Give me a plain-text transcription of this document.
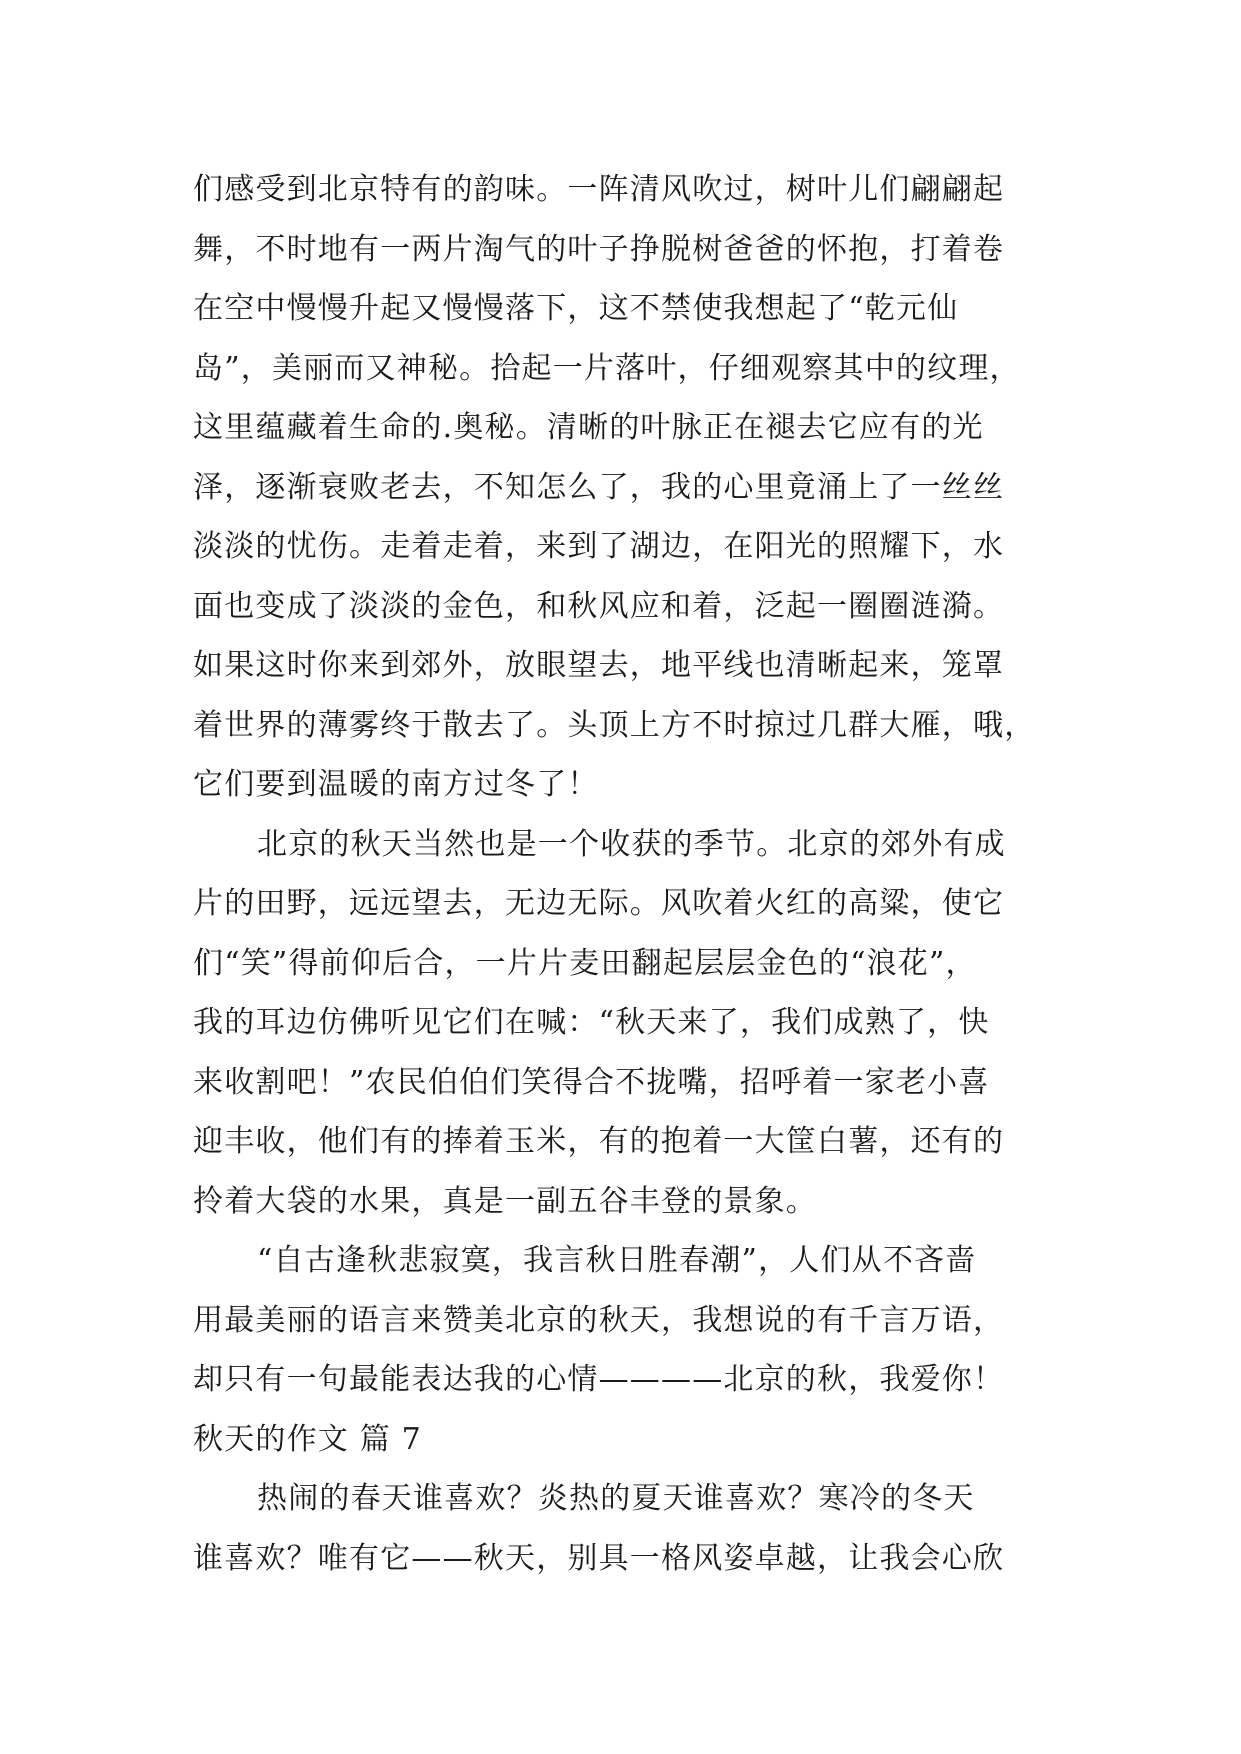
们感受到北京特有的韵味。一阵清风吹过，树叶儿们翩翩起
舞，不时地有一两片淘气的叶子挣脱树爸爸的怀抱，打着卷
在空中慢慢升起又慢慢落下，这不禁使我想起了“乾元仙
岛”，美丽而又神秘。拾起一片落叶，仔细观察其中的纹理，
这里蕴藏着生命的.奥秘。清晰的叶脉正在褪去它应有的光
泽，逐渐衰败老去，不知怎么了，我的心里竟涌上了一丝丝
淡淡的忧伤。走着走着，来到了湖边，在阳光的照耀下，水
面也变成了淡淡的金色，和秋风应和着，泛起一圈圈涟漪。
如果这时你来到郊外，放眼望去，地平线也清晰起来，笼罩
着世界的薄雾终于散去了。头顶上方不时掠过几群大雁，哦，
它们要到温暖的南方过冬了！
北京的秋天当然也是一个收获的季节。北京的郊外有成
片的田野，远远望去，无边无际。风吹着火红的高粱，使它
们“笑”得前仰后合，一片片麦田翻起层层金色的“浪花”，
我的耳边仿佛听见它们在喊：“秋天来了，我们成熟了，快
来收割吧！”农民伯伯们笑得合不拢嘴，招呼着一家老小喜
迎丰收，他们有的捧着玉米，有的抱着一大筐白薯，还有的
拎着大袋的水果，真是一副五谷丰登的景象。
“自古逢秋悲寂寞，我言秋日胜春潮”，人们从不吝啬
用最美丽的语言来赞美北京的秋天，我想说的有千言万语，
却只有一句最能表达我的心情————北京的秋，我爱你！
秋天的作文 篇 7
热闹的春天谁喜欢？炎热的夏天谁喜欢？寒冷的冬天
谁喜欢？唯有它——秋天，别具一格风姿卓越，让我会心欣
